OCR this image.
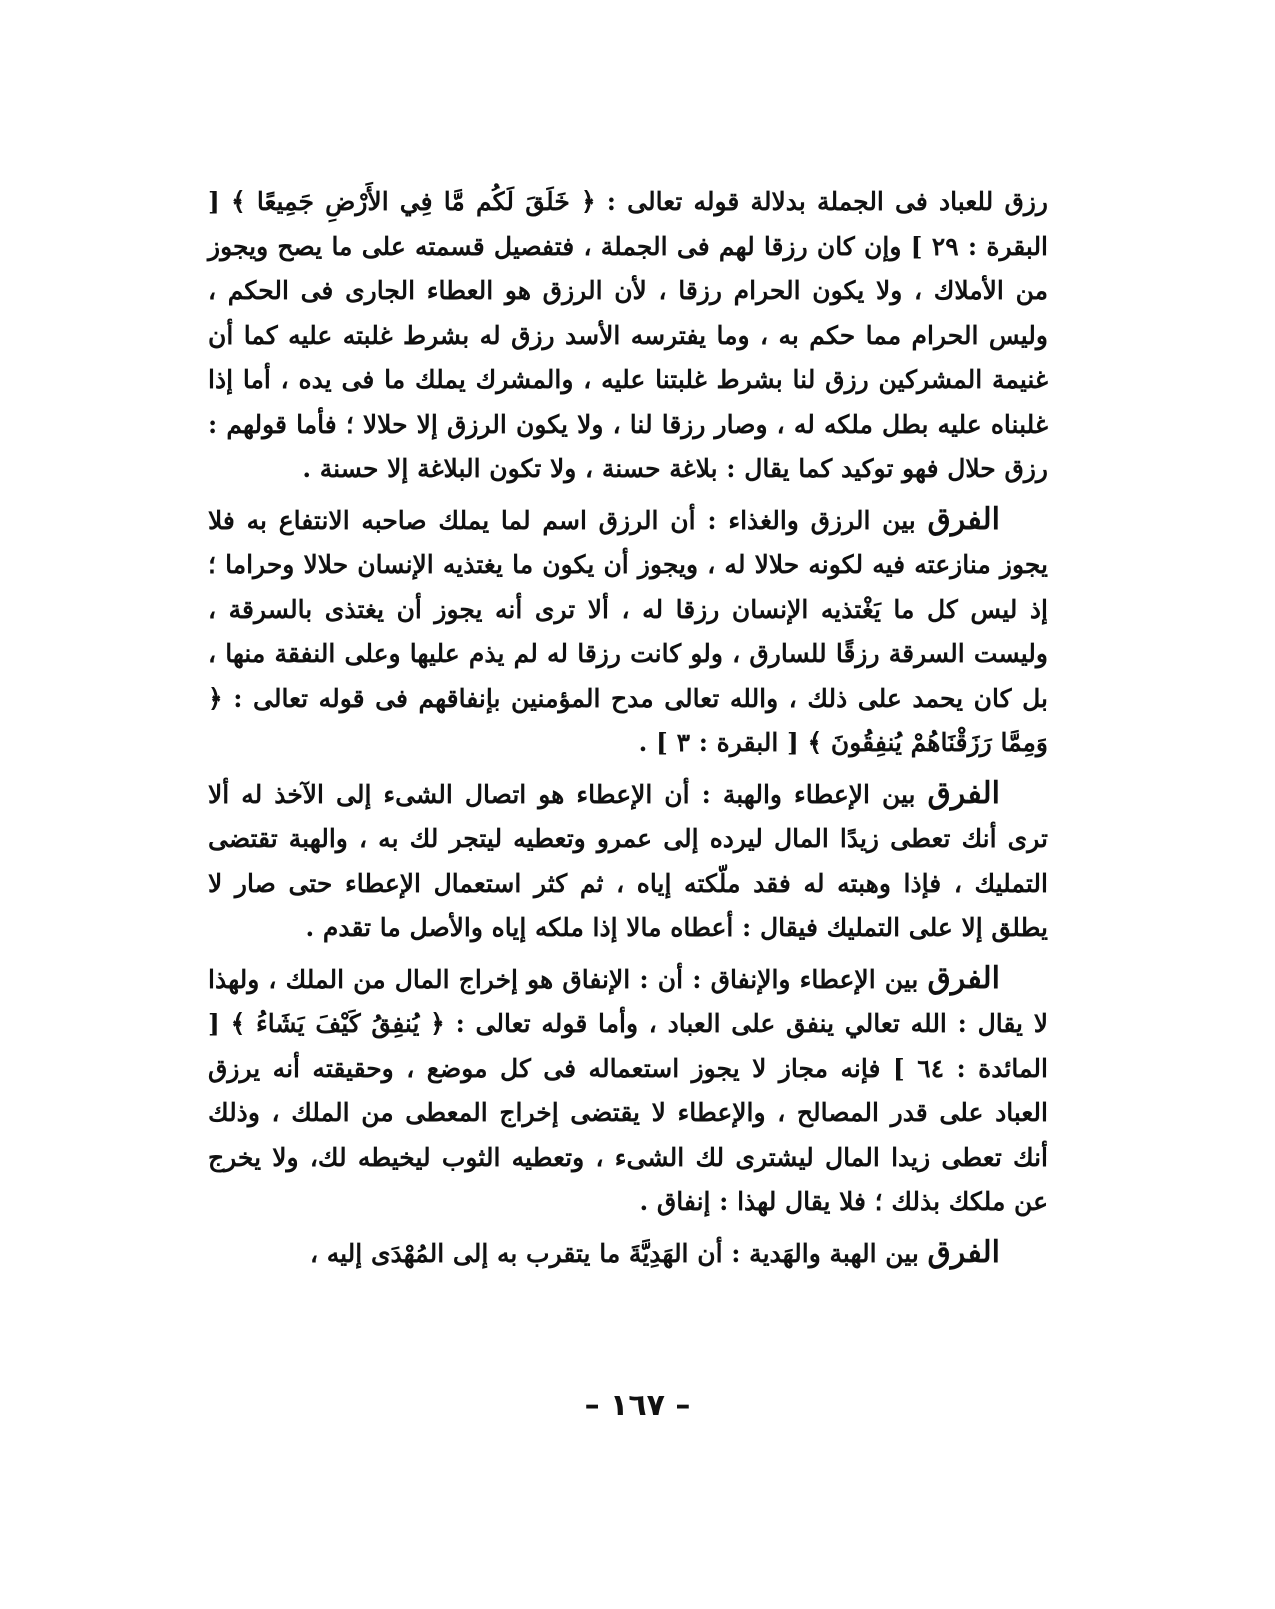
رزق للعباد فى الجملة بدلالة قوله تعالى : ﴿ خَلَقَ لَكُم مَّا فِي الأَرْضِ جَمِيعًا ﴾ [ البقرة : ٢٩ ] وإن كان رزقا لهم فى الجملة ، فتفصيل قسمته على ما يصح ويجوز من الأملاك ، ولا يكون الحرام رزقا ، لأن الرزق هو العطاء الجارى فى الحكم ، وليس الحرام مما حكم به ، وما يفترسه الأسد رزق له بشرط غلبته عليه كما أن غنيمة المشركين رزق لنا بشرط غلبتنا عليه ، والمشرك يملك ما فى يده ، أما إذا غلبناه عليه بطل ملكه له ، وصار رزقا لنا ، ولا يكون الرزق إلا حلالا ؛ فأما قولهم : رزق حلال فهو توكيد كما يقال : بلاغة حسنة ، ولا تكون البلاغة إلا حسنة .

الفرق بين الرزق والغذاء : أن الرزق اسم لما يملك صاحبه الانتفاع به فلا يجوز منازعته فيه لكونه حلالا له ، ويجوز أن يكون ما يغتذيه الإنسان حلالا وحراما ؛ إذ ليس كل ما يَغْتذيه الإنسان رزقا له ، ألا ترى أنه يجوز أن يغتذى بالسرقة ، وليست السرقة رزقًا للسارق ، ولو كانت رزقا له لم يذم عليها وعلى النفقة منها ، بل كان يحمد على ذلك ، والله تعالى مدح المؤمنين بإنفاقهم فى قوله تعالى : ﴿ وَمِمَّا رَزَقْنَاهُمْ يُنفِقُونَ ﴾ [ البقرة : ٣ ] .

الفرق بين الإعطاء والهبة : أن الإعطاء هو اتصال الشىء إلى الآخذ له ألا ترى أنك تعطى زيدًا المال ليرده إلى عمرو وتعطيه ليتجر لك به ، والهبة تقتضى التمليك ، فإذا وهبته له فقد ملّكته إياه ، ثم كثر استعمال الإعطاء حتى صار لا يطلق إلا على التمليك فيقال : أعطاه مالا إذا ملكه إياه والأصل ما تقدم .

الفرق بين الإعطاء والإنفاق : أن : الإنفاق هو إخراج المال من الملك ، ولهذا لا يقال : الله تعالي ينفق على العباد ، وأما قوله تعالى : ﴿ يُنفِقُ كَيْفَ يَشَاءُ ﴾ [ المائدة : ٦٤ ] فإنه مجاز لا يجوز استعماله فى كل موضع ، وحقيقته أنه يرزق العباد على قدر المصالح ، والإعطاء لا يقتضى إخراج المعطى من الملك ، وذلك أنك تعطى زيدا المال ليشترى لك الشىء ، وتعطيه الثوب ليخيطه لك، ولا يخرج عن ملكك بذلك ؛ فلا يقال لهذا : إنفاق .

الفرق بين الهبة والهَدية : أن الهَدِيَّةَ ما يتقرب به إلى المُهْدَى إليه ،

– ١٦٧ –
